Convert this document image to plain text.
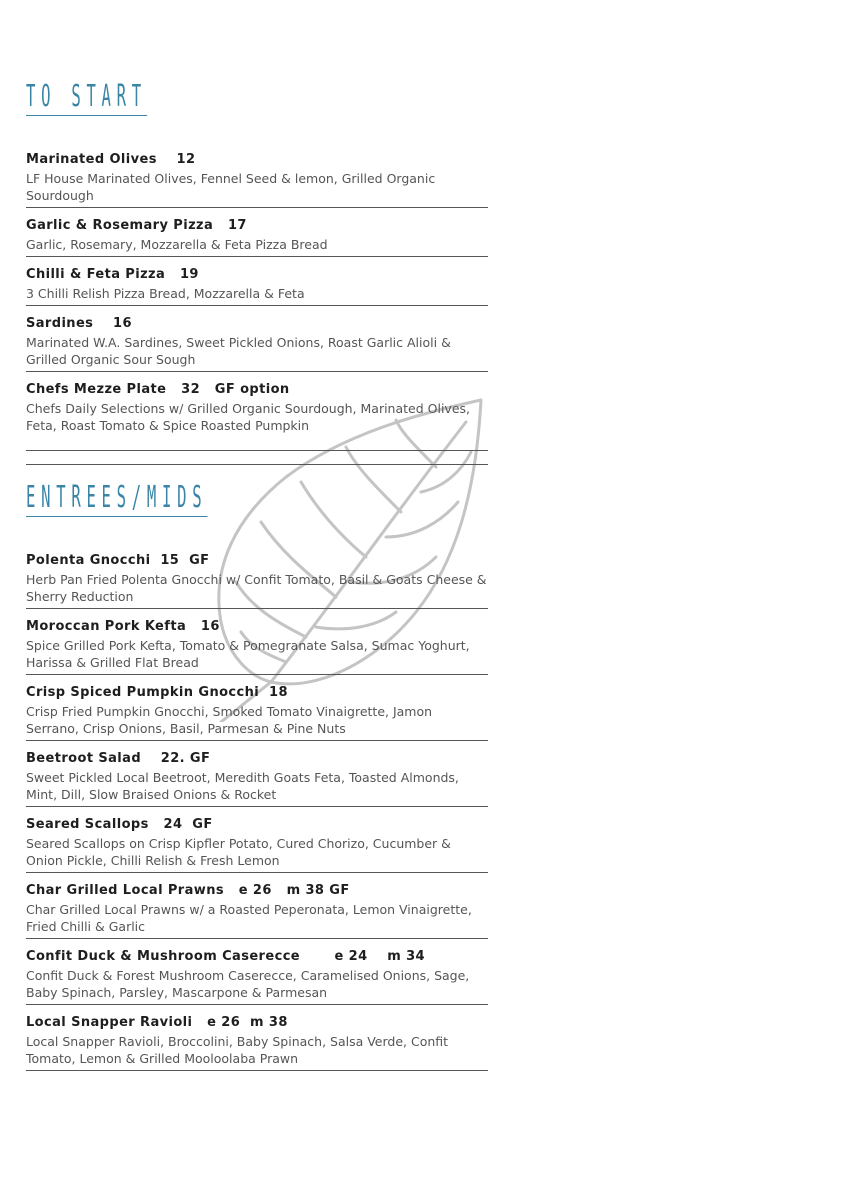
TO START

Marinated Olives    12

LF House Marinated Olives, Fennel Seed & lemon, Grilled Organic Sourdough

Garlic & Rosemary Pizza   17

Garlic, Rosemary, Mozzarella & Feta Pizza Bread

Chilli & Feta Pizza   19

3 Chilli Relish Pizza Bread, Mozzarella & Feta

Sardines    16

Marinated W.A. Sardines, Sweet Pickled Onions, Roast Garlic Alioli & Grilled Organic Sour Sough

Chefs Mezze Plate   32   GF option

Chefs Daily Selections w/ Grilled Organic Sourdough, Marinated Olives, Feta, Roast Tomato & Spice Roasted Pumpkin

ENTREES/MIDS

Polenta Gnocchi  15  GF

Herb Pan Fried Polenta Gnocchi w/ Confit Tomato, Basil & Goats Cheese & Sherry Reduction

Moroccan Pork Kefta   16

Spice Grilled Pork Kefta, Tomato & Pomegranate Salsa, Sumac Yoghurt, Harissa & Grilled Flat Bread

Crisp Spiced Pumpkin Gnocchi  18

Crisp Fried Pumpkin Gnocchi, Smoked Tomato Vinaigrette, Jamon Serrano, Crisp Onions, Basil, Parmesan & Pine Nuts

Beetroot Salad    22. GF

Sweet Pickled Local Beetroot, Meredith Goats Feta, Toasted Almonds, Mint, Dill, Slow Braised Onions & Rocket

Seared Scallops   24  GF

Seared Scallops on Crisp Kipfler Potato, Cured Chorizo, Cucumber & Onion Pickle, Chilli Relish & Fresh Lemon

Char Grilled Local Prawns   e 26   m 38 GF

Char Grilled Local Prawns w/ a Roasted Peperonata, Lemon Vinaigrette, Fried Chilli & Garlic

Confit Duck & Mushroom Caserecce       e 24    m 34

Confit Duck & Forest Mushroom Caserecce, Caramelised Onions, Sage, Baby Spinach, Parsley, Mascarpone & Parmesan

Local Snapper Ravioli   e 26  m 38

Local Snapper Ravioli, Broccolini, Baby Spinach, Salsa Verde, Confit Tomato, Lemon & Grilled Mooloolaba Prawn
